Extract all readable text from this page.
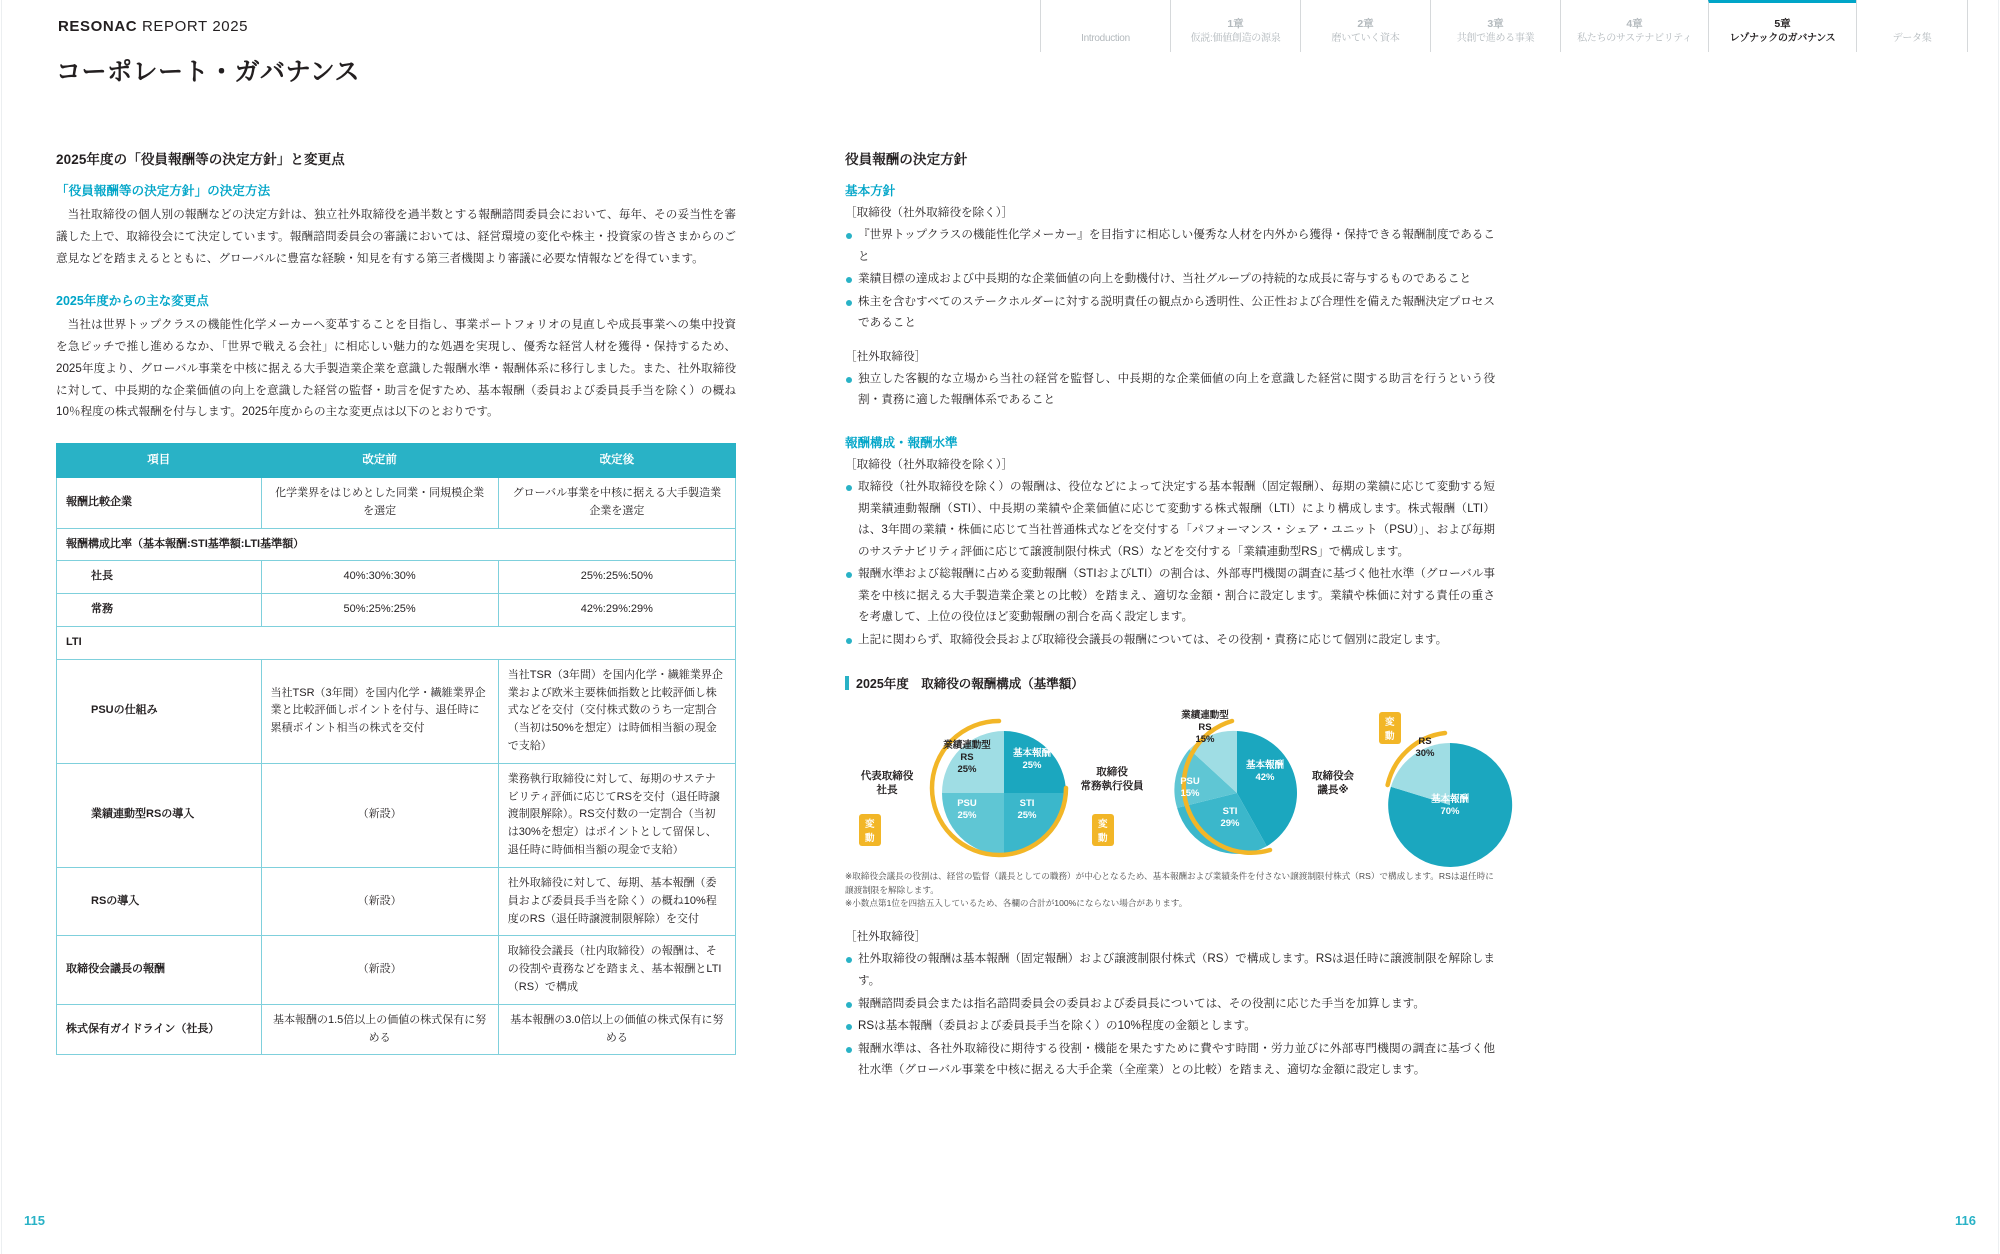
Introduction
1章
仮説:価値創造の源泉
2章
磨いていく資本
3章
共創で進める事業
4章
私たちのサステナビリティ
5章
レゾナックのガバナンス	データ集
RESONAC REPORT 2025
コーポレート・ガバナンス
2025年度の「役員報酬等の決定方針」と変更点
「役員報酬等の決定方針」の決定方法

当社取締役の個人別の報酬などの決定方針は、独立社外取締役を過半数とする報酬諮問委員会において、毎年、その妥当性を審議した上で、取締役会にて決定しています。報酬諮問委員会の審議においては、経営環境の変化や株主・投資家の皆さまからのご意見などを踏まえるとともに、グローバルに豊富な経験・知見を有する第三者機関より審議に必要な情報などを得ています。

2025年度からの主な変更点

当社は世界トップクラスの機能性化学メーカーへ変革することを目指し、事業ポートフォリオの見直しや成長事業への集中投資を急ピッチで推し進めるなか、「世界で戦える会社」に相応しい魅力的な処遇を実現し、優秀な経営人材を獲得・保持するため、2025年度より、グローバル事業を中核に据える大手製造業企業を意識した報酬水準・報酬体系に移行しました。また、社外取締役に対して、中長期的な企業価値の向上を意識した経営の監督・助言を促すため、基本報酬（委員および委員長手当を除く）の概ね10％程度の株式報酬を付与します。2025年度からの主な変更点は以下のとおりです。

項目	改定前	改定後
報酬比較企業	化学業界をはじめとした同業・同規模企業を選定	グローバル事業を中核に据える大手製造業企業を選定
報酬構成比率（基本報酬:STI基準額:LTI基準額）		
社長	40%:30%:30%	25%:25%:50%
常務	50%:25%:25%	42%:29%:29%
LTI		
PSUの仕組み	当社TSR（3年間）を国内化学・繊維業界企業と比較評価しポイントを付与、退任時に累積ポイント相当の株式を交付	当社TSR（3年間）を国内化学・繊維業界企業および欧米主要株価指数と比較評価し株式などを交付（交付株式数のうち一定割合（当初は50%を想定）は時価相当額の現金で支給）
業績連動型RSの導入	（新設）	業務執行取締役に対して、毎期のサステナビリティ評価に応じてRSを交付（退任時譲渡制限解除）。RS交付数の一定割合（当初は30%を想定）はポイントとして留保し、退任時に時価相当額の現金で支給）
RSの導入	（新設）	社外取締役に対して、毎期、基本報酬（委員および委員長手当を除く）の概ね10%程度のRS（退任時譲渡制限解除）を交付
取締役会議長の報酬	（新設）	取締役会議長（社内取締役）の報酬は、その役割や責務などを踏まえ、基本報酬とLTI（RS）で構成
株式保有ガイドライン（社長）	基本報酬の1.5倍以上の価値の株式保有に努める	基本報酬の3.0倍以上の価値の株式保有に努める
役員報酬の決定方針
基本方針
［取締役（社外取締役を除く）］
『世界トップクラスの機能性化学メーカー』を目指すに相応しい優秀な人材を内外から獲得・保持できる報酬制度であること
業績目標の達成および中長期的な企業価値の向上を動機付け、当社グループの持続的な成長に寄与するものであること
株主を含むすべてのステークホルダーに対する説明責任の観点から透明性、公正性および合理性を備えた報酬決定プロセスであること
［社外取締役］
独立した客観的な立場から当社の経営を監督し、中長期的な企業価値の向上を意識した経営に関する助言を行うという役割・責務に適した報酬体系であること
報酬構成・報酬水準
［取締役（社外取締役を除く）］
取締役（社外取締役を除く）の報酬は、役位などによって決定する基本報酬（固定報酬）、毎期の業績に応じて変動する短期業績連動報酬（STI）、中長期の業績や企業価値に応じて変動する株式報酬（LTI）により構成します。株式報酬（LTI）は、3年間の業績・株価に応じて当社普通株式などを交付する「パフォーマンス・シェア・ユニット（PSU）」、および毎期のサステナビリティ評価に応じて譲渡制限付株式（RS）などを交付する「業績連動型RS」で構成します。
報酬水準および総報酬に占める変動報酬（STIおよびLTI）の割合は、外部専門機関の調査に基づく他社水準（グローバル事業を中核に据える大手製造業企業との比較）を踏まえ、適切な金額・割合に設定します。業績や株価に対する責任の重さを考慮して、上位の役位ほど変動報酬の割合を高く設定します。
上記に関わらず、取締役会長および取締役会議長の報酬については、その役割・責務に応じて個別に設定します。
2025年度　取締役の報酬構成（基準額）
代表取締役
社長
変動
基本報酬
25%
STI
25%
PSU
25%
業績連動型
RS
25%	取締役
常務執行役員
変動
基本報酬
42%
STI
29%
PSU
15%
業績連動型
RS
15%
取締役会
議長※
変動	RS
30%
基本報酬
70%
※取締役会議長の役割は、経営の監督（議長としての職務）が中心となるため、基本報酬および業績条件を付さない譲渡制限付株式（RS）で構成します。RSは退任時に譲渡制限を解除します。
※小数点第1位を四捨五入しているため、各欄の合計が100%にならない場合があります。
［社外取締役］
社外取締役の報酬は基本報酬（固定報酬）および譲渡制限付株式（RS）で構成します。RSは退任時に譲渡制限を解除します。
報酬諮問委員会または指名諮問委員会の委員および委員長については、その役割に応じた手当を加算します。
RSは基本報酬（委員および委員長手当を除く）の10%程度の金額とします。
報酬水準は、各社外取締役に期待する役割・機能を果たすために費やす時間・労力並びに外部専門機関の調査に基づく他社水準（グローバル事業を中核に据える大手企業（全産業）との比較）を踏まえ、適切な金額に設定します。
115	116
